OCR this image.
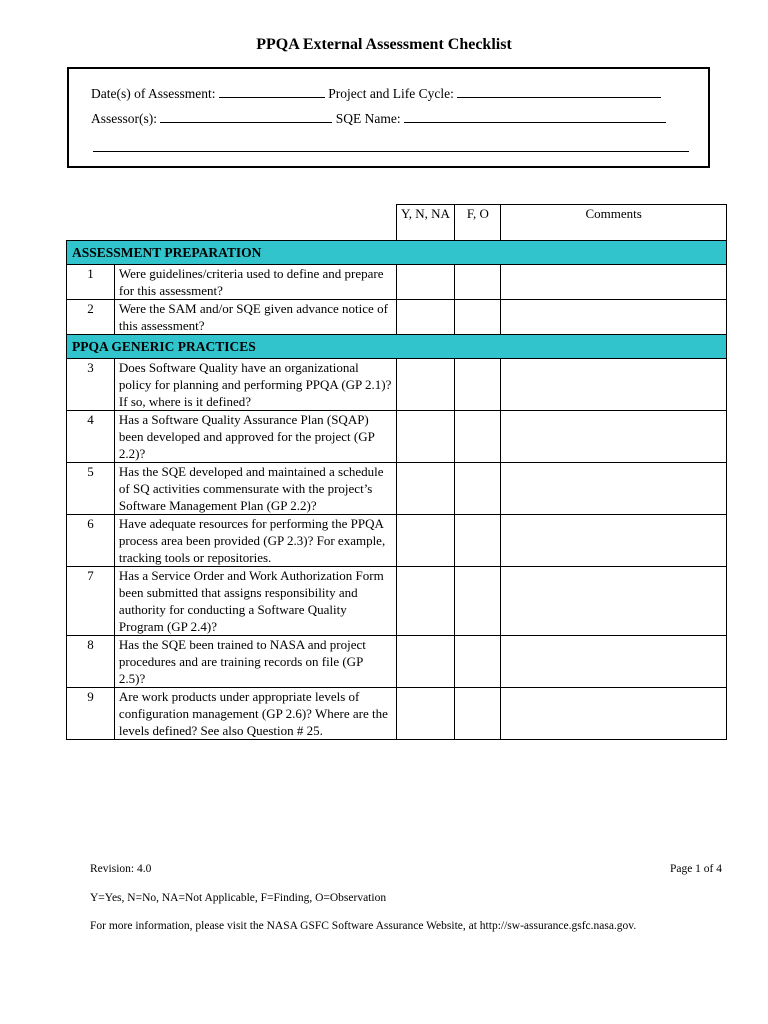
PPQA External Assessment Checklist
Date(s) of Assessment:	Project and Life Cycle:
Assessor(s):	SQE Name:
		Y, N, NA	F, O	Comments
ASSESSMENT PREPARATION				
1	Were guidelines/criteria used to define and prepare for this assessment?			
2	Were the SAM and/or SQE given advance notice of this assessment?			
PPQA GENERIC PRACTICES				
3	Does Software Quality have an organizational policy for planning and performing PPQA (GP 2.1)? If so, where is it defined?			
4	Has a Software Quality Assurance Plan (SQAP) been developed and approved for the project (GP 2.2)?			
5	Has the SQE developed and maintained a schedule of SQ activities commensurate with the project’s Software Management Plan (GP 2.2)?			
6	Have adequate resources for performing the PPQA process area been provided (GP 2.3)? For example, tracking tools or repositories.			
7	Has a Service Order and Work Authorization Form been submitted that assigns responsibility and authority for conducting a Software Quality Program (GP 2.4)?			
8	Has the SQE been trained to NASA and project procedures and are training records on file (GP 2.5)?			
9	Are work products under appropriate levels of configuration management (GP 2.6)? Where are the levels defined? See also Question # 25.			
Revision: 4.0	Page 1 of 4
Y=Yes, N=No, NA=Not Applicable, F=Finding, O=Observation
For more information, please visit the NASA GSFC Software Assurance Website, at http://sw-assurance.gsfc.nasa.gov.
